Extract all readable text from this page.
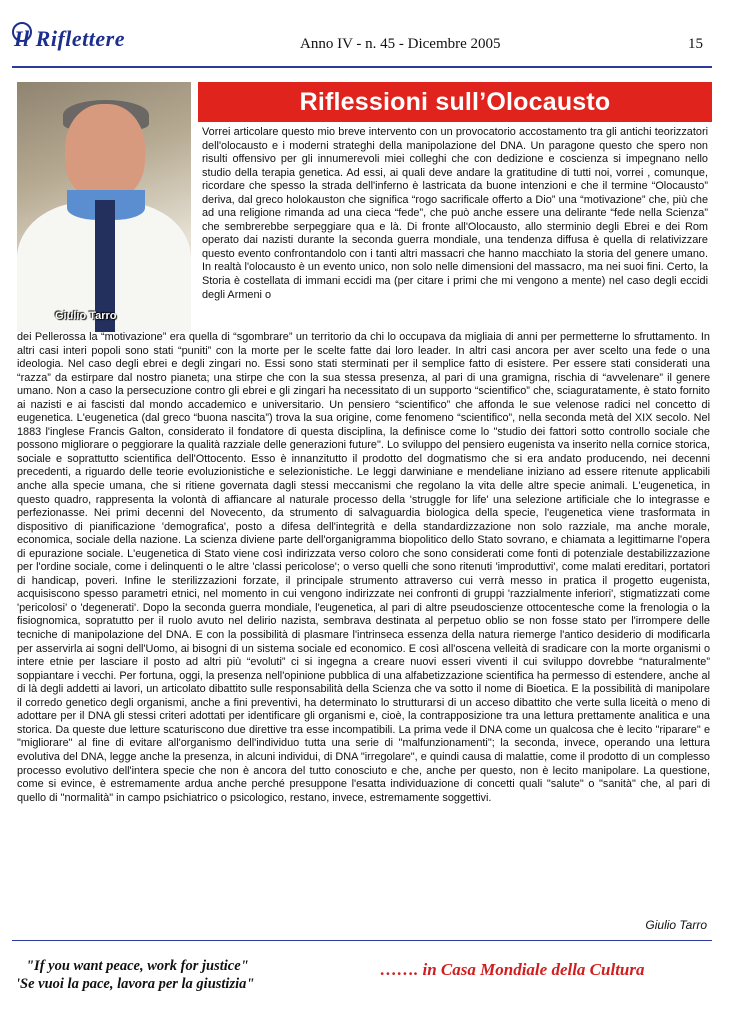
Il Riflettere	Anno IV - n. 45 - Dicembre 2005	15
Giulio Tarro
Riflessioni sull’Olocausto

Vorrei articolare questo mio breve intervento con un provocatorio accostamento tra gli antichi teorizzatori dell'olocausto e i moderni strateghi della manipolazione del DNA. Un paragone questo che spero non risulti offensivo per gli innumerevoli miei colleghi che con dedizione e coscienza si impegnano nello studio della terapia genetica. Ad essi, ai quali deve andare la gratitudine di tutti noi, vorrei , comunque, ricordare che spesso la strada dell'inferno è lastricata da buone intenzioni e che il termine “Olocausto” deriva, dal greco holokauston che significa “rogo sacrificale offerto a Dio” una “motivazione” che, più che ad una religione rimanda ad una cieca “fede”, che può anche essere una delirante “fede nella Scienza” che sembrerebbe serpeggiare qua e là. Di fronte all'Olocausto, allo sterminio degli Ebrei e dei Rom operato dai nazisti durante la seconda guerra mondiale, una tendenza diffusa è quella di relativizzare questo evento confrontandolo con i tanti altri massacri che hanno macchiato la storia del genere umano. In realtà l'olocausto è un evento unico, non solo nelle dimensioni del massacro, ma nei suoi fini. Certo, la Storia è costellata di immani eccidi ma (per citare i primi che mi vengono a mente) nel caso degli eccidi degli Armeni o

dei Pellerossa la “motivazione” era quella di “sgombrare” un territorio da chi lo occupava da migliaia di anni per permetterne lo sfruttamento. In altri casi interi popoli sono stati “puniti” con la morte per le scelte fatte dai loro leader. In altri casi ancora per aver scelto una fede o una ideologia. Nel caso degli ebrei e degli zingari no. Essi sono stati sterminati per il semplice fatto di esistere. Per essere stati considerati una “razza” da estirpare dal nostro pianeta; una stirpe che con la sua stessa presenza, al pari di una gramigna, rischia di “avvelenare” il genere umano. Non a caso la persecuzione contro gli ebrei e gli zingari ha necessitato di un supporto “scientifico” che, sciaguratamente, è stato fornito ai nazisti e ai fascisti dal mondo accademico e universitario. Un pensiero “scientifico” che affonda le sue velenose radici nel concetto di eugenetica. L'eugenetica (dal greco “buona nascita”) trova la sua origine, come fenomeno “scientifico”, nella seconda metà del XIX secolo. Nel 1883 l'inglese Francis Galton, considerato il fondatore di questa disciplina, la definisce come lo "studio dei fattori sotto controllo sociale che possono migliorare o peggiorare la qualità razziale delle generazioni future". Lo sviluppo del pensiero eugenista va inserito nella cornice storica, sociale e soprattutto scientifica dell'Ottocento. Esso è innanzitutto il prodotto del dogmatismo che si era andato producendo, nei decenni precedenti, a riguardo delle teorie evoluzionistiche e selezionistiche. Le leggi darwiniane e mendeliane iniziano ad essere ritenute applicabili anche alla specie umana, che si ritiene governata dagli stessi meccanismi che regolano la vita delle altre specie animali. L'eugenetica, in questo quadro, rappresenta la volontà di affiancare al naturale processo della 'struggle for life' una selezione artificiale che lo integrasse e perfezionasse. Nei primi decenni del Novecento, da strumento di salvaguardia biologica della specie, l'eugenetica viene trasformata in dispositivo di pianificazione 'demografica', posto a difesa dell'integrità e della standardizzazione non solo razziale, ma anche morale, economica, sociale della nazione. La scienza diviene parte dell'organigramma biopolitico dello Stato sovrano, e chiamata a legittimarne l'opera di epurazione sociale. L'eugenetica di Stato viene così indirizzata verso coloro che sono considerati come fonti di potenziale destabilizzazione per l'ordine sociale, come i delinquenti o le altre 'classi pericolose'; o verso quelli che sono ritenuti 'improduttivi', come malati ereditari, portatori di handicap, poveri. Infine le sterilizzazioni forzate, il principale strumento attraverso cui verrà messo in pratica il progetto eugenista, acquisiscono spesso parametri etnici, nel momento in cui vengono indirizzate nei confronti di gruppi 'razzialmente inferiori', stigmatizzati come 'pericolosi' o 'degenerati'. Dopo la seconda guerra mondiale, l'eugenetica, al pari di altre pseudoscienze ottocentesche come la frenologia o la fisiognomica, sopratutto per il ruolo avuto nel delirio nazista, sembrava destinata al perpetuo oblio se non fosse stato per l'irrompere delle tecniche di manipolazione del DNA. E con la possibilità di plasmare l'intrinseca essenza della natura riemerge l'antico desiderio di modificarla per asservirla ai sogni dell'Uomo, ai bisogni di un sistema sociale ed economico. E così all'oscena velleità di sradicare con la morte organismi o intere etnie per lasciare il posto ad altri più “evoluti” ci si ingegna a creare nuovi esseri viventi il cui sviluppo dovrebbe “naturalmente” soppiantare i vecchi. Per fortuna, oggi, la presenza nell'opinione pubblica di una alfabetizzazione scientifica ha permesso di estendere, anche al di là degli addetti ai lavori, un articolato dibattito sulle responsabilità della Scienza che va sotto il nome di Bioetica. E la possibilità di manipolare il corredo genetico degli organismi, anche a fini preventivi, ha determinato lo strutturarsi di un acceso dibattito che verte sulla liceità o meno di adottare per il DNA gli stessi criteri adottati per identificare gli organismi e, cioè, la contrapposizione tra una lettura prettamente analitica e una storica. Da queste due letture scaturiscono due direttive tra esse incompatibili. La prima vede il DNA come un qualcosa che è lecito "riparare" e "migliorare" al fine di evitare all'organismo dell'individuo tutta una serie di "malfunzionamenti"; la seconda, invece, operando una lettura evolutiva del DNA, legge anche la presenza, in alcuni individui, di DNA "irregolare", e quindi causa di malattie, come il prodotto di un complesso processo evolutivo dell'intera specie che non è ancora del tutto conosciuto e che, anche per questo, non è lecito manipolare. La questione, come si evince, è estremamente ardua anche perché presuppone l'esatta individuazione di concetti quali "salute" o "sanità" che, al pari di quello di "normalità" in campo psichiatrico o psicologico, restano, invece, estremamente soggettivi.

Giulio Tarro
"If you want peace, work for justice"
'Se vuoi la pace, lavora per la giustizia"
……. in Casa Mondiale della Cultura
